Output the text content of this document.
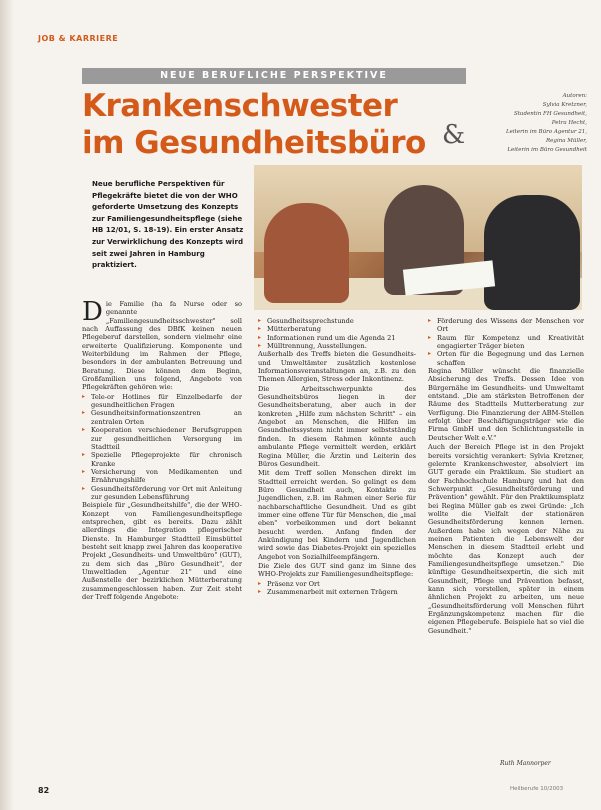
JOB & KARRIERE
NEUE BERUFLICHE PERSPEKTIVE
Krankenschwester im Gesundheitsbüro &
Autoren:
Sylvia Kretzner,
Studentin FH Gesundheit,
Petra Hecht,
Leiterin im Büro Agentur 21,
Regina Müller,
Leiterin im Büro Gesundheit
Neue berufliche Perspektiven für Pflegekräfte bietet die von der WHO geforderte Umsetzung des Konzepts zur Familiengesundheitspflege (siehe HB 12/01, S. 18-19). Ein erster Ansatz zur Verwirklichung des Konzepts wird seit zwei Jahren in Hamburg praktiziert.
D ie Familie (ha fa Nurse oder so genannte „Familiengesundheitsschwester" soll nach Auffassung des DBfK keinen neuen Pflegeberuf darstellen, sondern vielmehr eine erweiterte Qualifizierung. Komponente und Weiterbildung im Rahmen der Pflege, besonders in der ambulanten Betreuung und Beratung. Diese können dem Beginn, Großfamilien uns folgend, Angebote von Pflegekräften gehören wie:

▸ Tele-or Hotlines für Einzelbedarfe der gesundheitlichen Fragen
▸ Gesundheitsinformationszentren an zentralen Orten
▸ Kooperation verschiedener Berufsgruppen zur gesundheitlichen Versorgung im Stadtteil
▸ Spezielle Pflegeprojekte für chronisch Kranke
▸ Versicherung von Medikamenten und Ernährungshilfe
▸ Gesundheitsförderung vor Ort mit Anleitung zur gesunden Lebensführung

Beispiele für „Gesundheitshilfe", die der WHO-Konzept von Familiengesundheitspflege entsprechen, gibt es bereits. Dazu zählt allerdings die Integration pflegerischer Dienste. In Hamburger Stadtteil Eimsbüttel besteht seit knapp zwei Jahren das kooperative Projekt „Gesundheits- und Umweltbüro" (GUT), zu dem sich das „Büro Gesundheit", der Umweltladen „Agentur 21" und eine Außenstelle der bezirklichen Mütterberatung zusammengeschlossen haben. Zur Zeit steht der Treff folgende Angebote:

▸ Gesundheitssprechstunde
▸ Mütterberatung
▸ Informationen rund um die Agenda 21
▸ Mülltrennung, Ausstellungen.

Außerhalb des Treffs bieten die Gesundheits- und Umweltämter zusätzlich kostenlose Informationsveranstaltungen an, z.B. zu den Themen Allergien, Stress oder Inkontinenz.

Die Arbeitsschwerpunkte des Gesundheitsbüros liegen in der Gesundheitsberatung, aber auch in der konkreten „Hilfe zum nächsten Schritt" – ein Angebot an Menschen, die Hilfen im Gesundheitssystem nicht immer selbstständig finden. In diesem Rahmen könnte auch ambulante Pflege vermittelt werden, erklärt Regina Müller, die Ärztin und Leiterin des Büros Gesundheit.

Mit dem Treff sollen Menschen direkt im Stadtteil erreicht werden. So gelingt es dem Büro Gesundheit auch, Kontakte zu Jugendlichen, z.B. im Rahmen einer Serie für nachbarschaftliche Gesundheit. Und es gibt immer eine offene Tür für Menschen, die „mal eben" vorbeikommen und dort bekannt besucht werden. Anfang finden der Ankündigung bei Kindern und Jugendlichen wird sowie das Diabetes-Projekt ein spezielles Angebot von Sozialhilfeempfängern.

Die Ziele des GUT sind ganz im Sinne des WHO-Projekts zur Familiengesundheitspflege:

▸ Präsenz vor Ort
▸ Zusammenarbeit mit externen Trägern
▸ Förderung des Wissens der Menschen vor Ort
▸ Raum für Kompetenz und Kreativität engagierter Träger bieten
▸ Orten für die Begegnung und das Lernen schaffen

Regina Müller wünscht die finanzielle Absicherung des Treffs. Dessen Idee von Bürgernähe im Gesundheits- und Umweltamt entstand. „Die am stärksten Betroffenen der Räume des Stadtteils Mutterberatung zur Verfügung. Die Finanzierung der ABM-Stellen erfolgt über Beschäftigungsträger wie die Firma GmbH und den Schlichtungsstelle in Deutscher Welt e.V."

Auch der Bereich Pflege ist in den Projekt bereits vorsichtig verankert: Sylvia Kretzner, gelernte Krankenschwester, absolviert im GUT gerade ein Praktikum. Sie studiert an der Fachhochschule Hamburg und hat den Schwerpunkt „Gesundheitsförderung und Prävention" gewählt. Für den Praktikumsplatz bei Regina Müller gab es zwei Gründe: „Ich wollte die Vielfalt der stationären Gesundheitsförderung kennen lernen. Außerdem habe ich wegen der Nähe zu meinen Patienten die Lebenswelt der Menschen in diesem Stadtteil erlebt und möchte das Konzept auch der Familiengesundheitspflege umsetzen." Die künftige Gesundheitsexpertin, die sich mit Gesundheit, Pflege und Prävention befasst, kann sich vorstellen, später in einem ähnlichen Projekt zu arbeiten, um neue „Gesundheitsförderung voll Menschen führt Ergänzungskompetenz machen für die eigenen Pflegeberufe. Beispiele hat so viel die Gesundheit."

Ruth Mannorper
82	Heilberufe 10/2003
